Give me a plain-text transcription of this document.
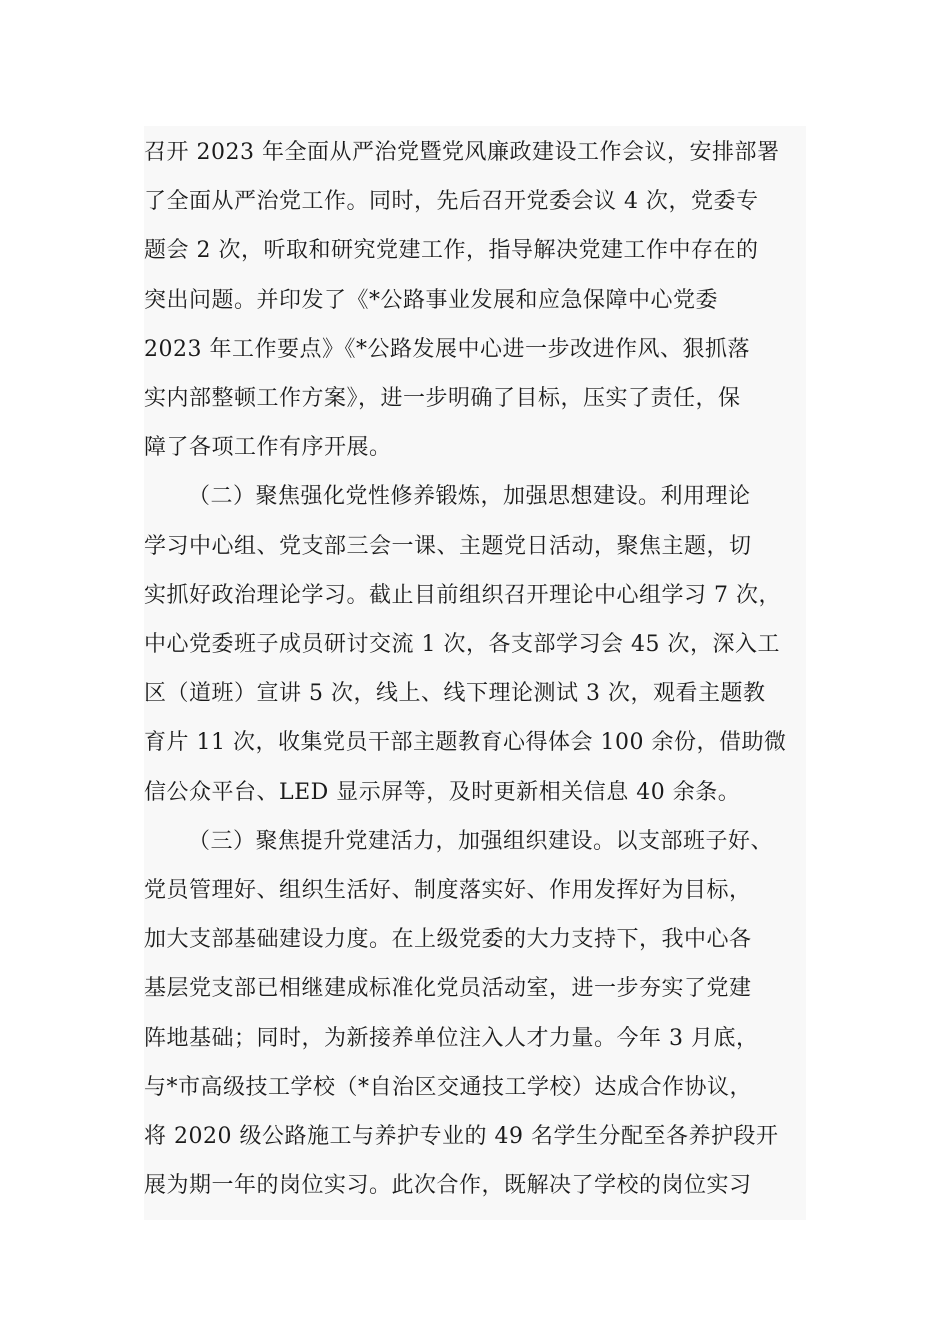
召开 2023 年全面从严治党暨党风廉政建设工作会议，安排部署
了全面从严治党工作。同时，先后召开党委会议 4 次，党委专
题会 2 次，听取和研究党建工作，指导解决党建工作中存在的
突出问题。并印发了《*公路事业发展和应急保障中心党委
2023 年工作要点》《*公路发展中心进一步改进作风、狠抓落
实内部整顿工作方案》，进一步明确了目标，压实了责任，保
障了各项工作有序开展。
（二）聚焦强化党性修养锻炼，加强思想建设。利用理论
学习中心组、党支部三会一课、主题党日活动，聚焦主题，切
实抓好政治理论学习。截止目前组织召开理论中心组学习 7 次，
中心党委班子成员研讨交流 1 次，各支部学习会 45 次，深入工
区（道班）宣讲 5 次，线上、线下理论测试 3 次，观看主题教
育片 11 次，收集党员干部主题教育心得体会 100 余份，借助微
信公众平台、LED 显示屏等，及时更新相关信息 40 余条。
（三）聚焦提升党建活力，加强组织建设。以支部班子好、
党员管理好、组织生活好、制度落实好、作用发挥好为目标，
加大支部基础建设力度。在上级党委的大力支持下，我中心各
基层党支部已相继建成标准化党员活动室，进一步夯实了党建
阵地基础；同时，为新接养单位注入人才力量。今年 3 月底，
与*市高级技工学校（*自治区交通技工学校）达成合作协议，
将 2020 级公路施工与养护专业的 49 名学生分配至各养护段开
展为期一年的岗位实习。此次合作，既解决了学校的岗位实习
